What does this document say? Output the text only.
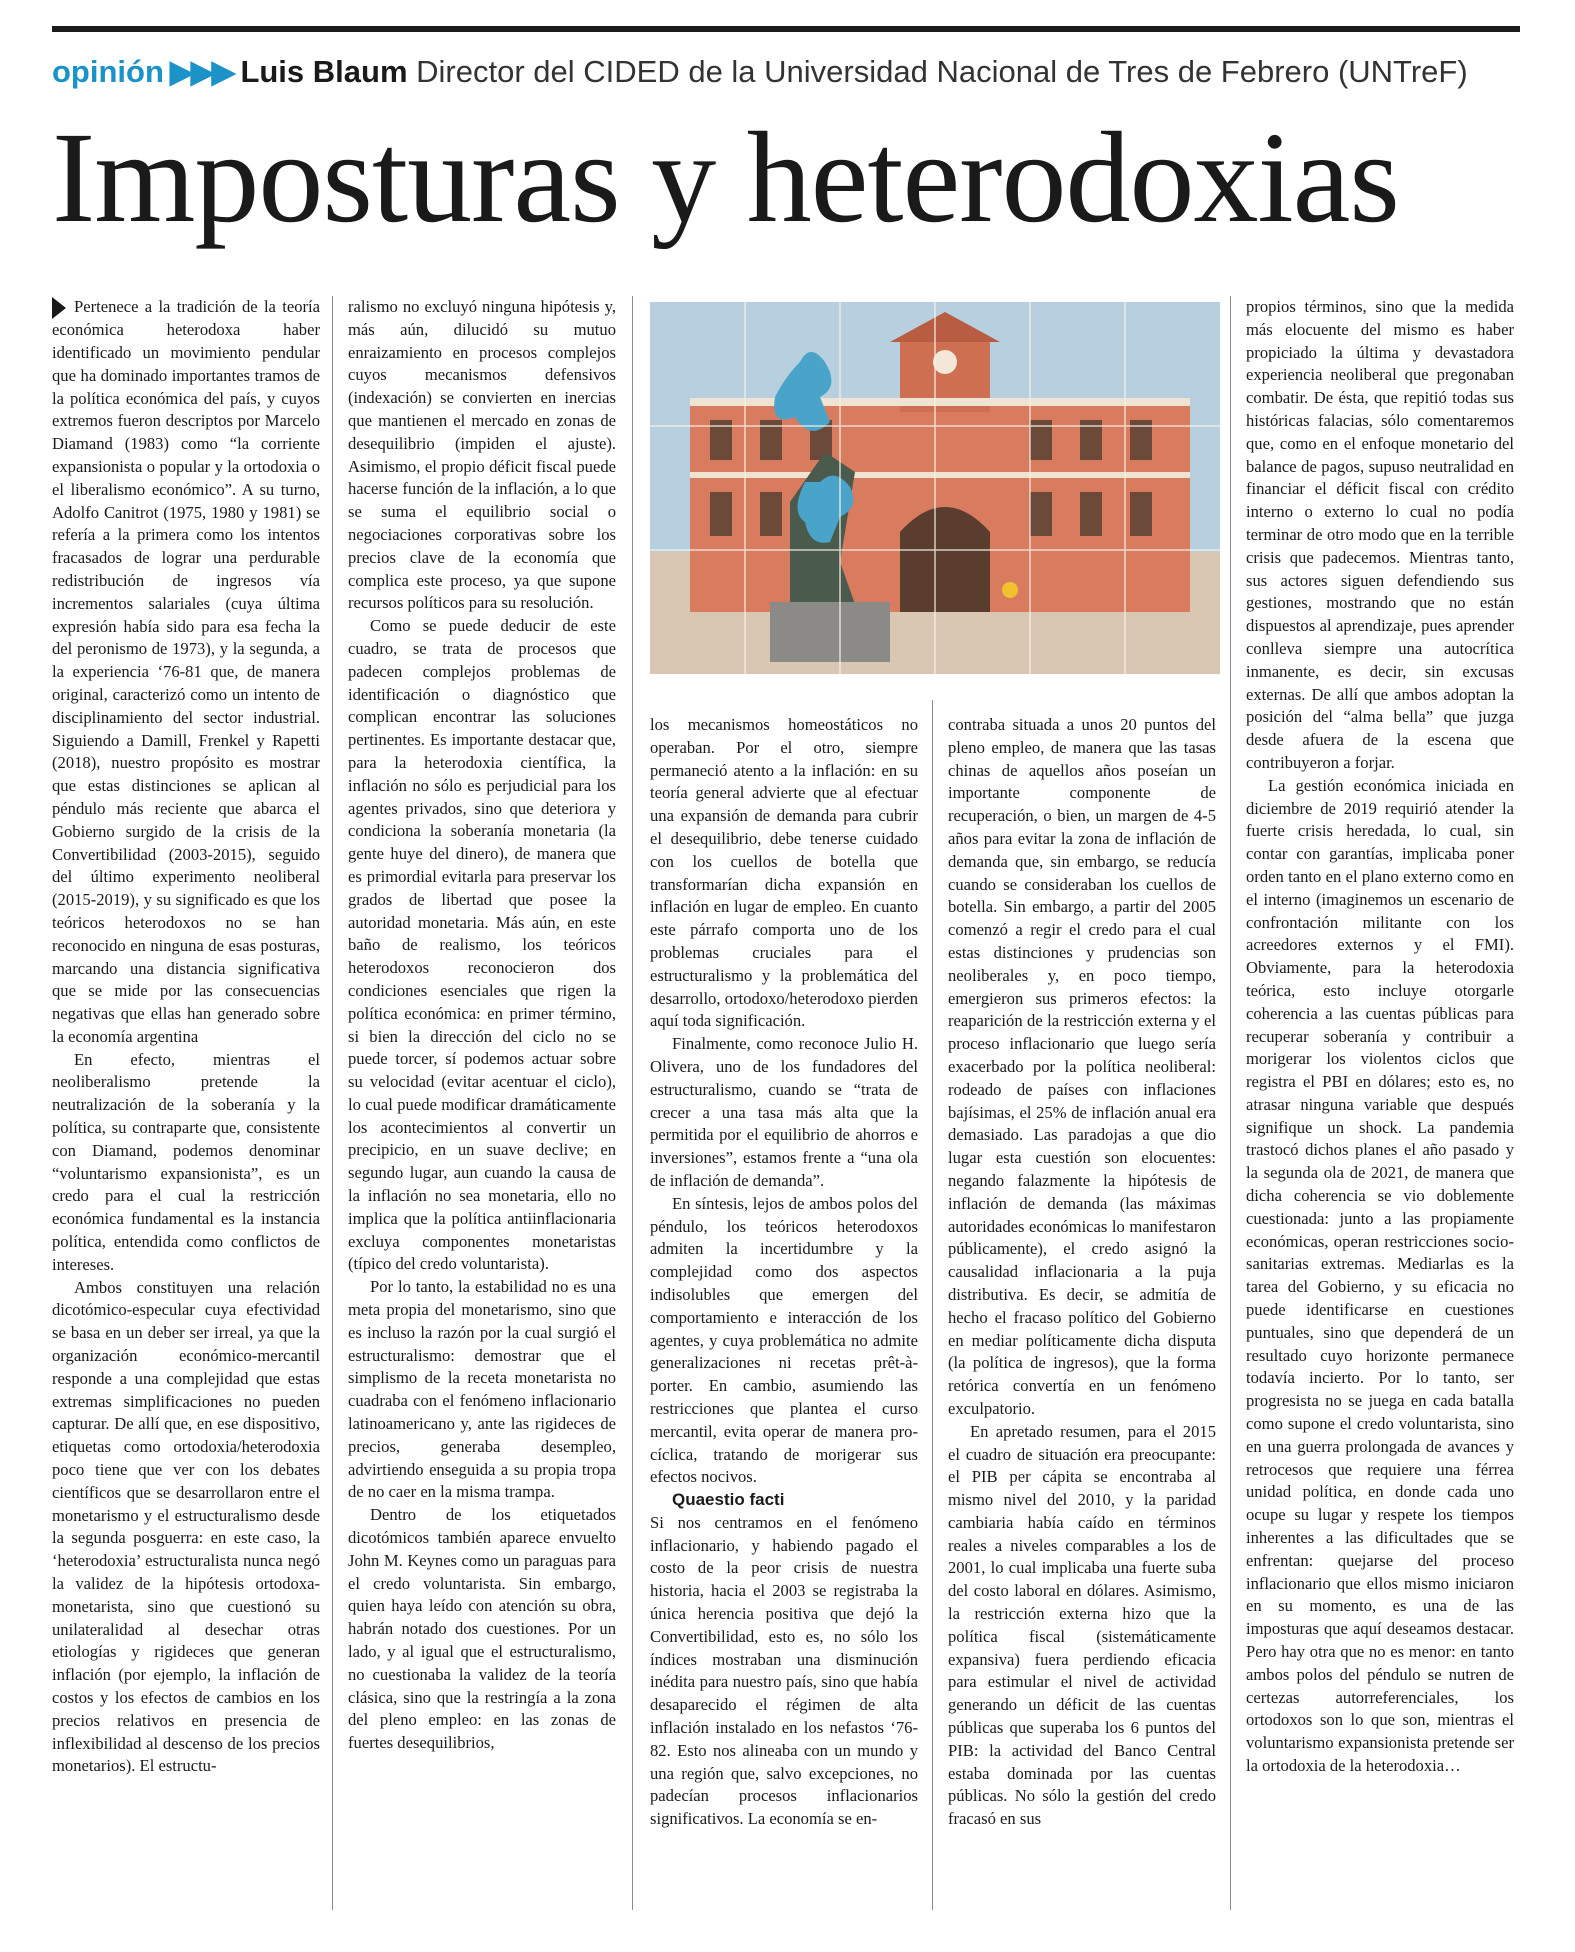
opinión ▶▶▶ Luis Blaum Director del CIDED de la Universidad Nacional de Tres de Febrero (UNTreF)
Imposturas y heterodoxias

Pertenece a la tradición de la teoría económica heterodoxa haber identificado un movimiento pendular que ha dominado importantes tramos de la política económica del país, y cuyos extremos fueron descriptos por Marcelo Diamand (1983) como “la corriente expansionista o popular y la ortodoxia o el liberalismo económico”. A su turno, Adolfo Canitrot (1975, 1980 y 1981) se refería a la primera como los intentos fracasados de lograr una perdurable redistribución de ingresos vía incrementos salariales (cuya última expresión había sido para esa fecha la del peronismo de 1973), y la segunda, a la experiencia ‘76-81 que, de manera original, caracterizó como un intento de disciplinamiento del sector industrial. Siguiendo a Damill, Frenkel y Rapetti (2018), nuestro propósito es mostrar que estas distinciones se aplican al péndulo más reciente que abarca el Gobierno surgido de la crisis de la Convertibilidad (2003-2015), seguido del último experimento neoliberal (2015-2019), y su significado es que los teóricos heterodoxos no se han reconocido en ninguna de esas posturas, marcando una distancia significativa que se mide por las consecuencias negativas que ellas han generado sobre la economía argentina

En efecto, mientras el neoliberalismo pretende la neutralización de la soberanía y la política, su contraparte que, consistente con Diamand, podemos denominar “voluntarismo expansionista”, es un credo para el cual la restricción económica fundamental es la instancia política, entendida como conflictos de intereses.

Ambos constituyen una relación dicotómico-especular cuya efectividad se basa en un deber ser irreal, ya que la organización económico-mercantil responde a una complejidad que estas extremas simplificaciones no pueden capturar. De allí que, en ese dispositivo, etiquetas como ortodoxia/heterodoxia poco tiene que ver con los debates científicos que se desarrollaron entre el monetarismo y el estructuralismo desde la segunda posguerra: en este caso, la ‘heterodoxia’ estructuralista nunca negó la validez de la hipótesis ortodoxa-monetarista, sino que cuestionó su unilateralidad al desechar otras etiologías y rigideces que generan inflación (por ejemplo, la inflación de costos y los efectos de cambios en los precios relativos en presencia de inflexibilidad al descenso de los precios monetarios). El estructu-

ralismo no excluyó ninguna hipótesis y, más aún, dilucidó su mutuo enraizamiento en procesos complejos cuyos mecanismos defensivos (indexación) se convierten en inercias que mantienen el mercado en zonas de desequilibrio (impiden el ajuste). Asimismo, el propio déficit fiscal puede hacerse función de la inflación, a lo que se suma el equilibrio social o negociaciones corporativas sobre los precios clave de la economía que complica este proceso, ya que supone recursos políticos para su resolución.

Como se puede deducir de este cuadro, se trata de procesos que padecen complejos problemas de identificación o diagnóstico que complican encontrar las soluciones pertinentes. Es importante destacar que, para la heterodoxia científica, la inflación no sólo es perjudicial para los agentes privados, sino que deteriora y condiciona la soberanía monetaria (la gente huye del dinero), de manera que es primordial evitarla para preservar los grados de libertad que posee la autoridad monetaria. Más aún, en este baño de realismo, los teóricos heterodoxos reconocieron dos condiciones esenciales que rigen la política económica: en primer término, si bien la dirección del ciclo no se puede torcer, sí podemos actuar sobre su velocidad (evitar acentuar el ciclo), lo cual puede modificar dramáticamente los acontecimientos al convertir un precipicio, en un suave declive; en segundo lugar, aun cuando la causa de la inflación no sea monetaria, ello no implica que la política antiinflacionaria excluya componentes monetaristas (típico del credo voluntarista).

Por lo tanto, la estabilidad no es una meta propia del monetarismo, sino que es incluso la razón por la cual surgió el estructuralismo: demostrar que el simplismo de la receta monetarista no cuadraba con el fenómeno inflacionario latinoamericano y, ante las rigideces de precios, generaba desempleo, advirtiendo enseguida a su propia tropa de no caer en la misma trampa.

Dentro de los etiquetados dicotómicos también aparece envuelto John M. Keynes como un paraguas para el credo voluntarista. Sin embargo, quien haya leído con atención su obra, habrán notado dos cuestiones. Por un lado, y al igual que el estructuralismo, no cuestionaba la validez de la teoría clásica, sino que la restringía a la zona del pleno empleo: en las zonas de fuertes desequilibrios,

los mecanismos homeostáticos no operaban. Por el otro, siempre permaneció atento a la inflación: en su teoría general advierte que al efectuar una expansión de demanda para cubrir el desequilibrio, debe tenerse cuidado con los cuellos de botella que transformarían dicha expansión en inflación en lugar de empleo. En cuanto este párrafo comporta uno de los problemas cruciales para el estructuralismo y la problemática del desarrollo, ortodoxo/heterodoxo pierden aquí toda significación.

Finalmente, como reconoce Julio H. Olivera, uno de los fundadores del estructuralismo, cuando se “trata de crecer a una tasa más alta que la permitida por el equilibrio de ahorros e inversiones”, estamos frente a “una ola de inflación de demanda”.

En síntesis, lejos de ambos polos del péndulo, los teóricos heterodoxos admiten la incertidumbre y la complejidad como dos aspectos indisolubles que emergen del comportamiento e interacción de los agentes, y cuya problemática no admite generalizaciones ni recetas prêt-à-porter. En cambio, asumiendo las restricciones que plantea el curso mercantil, evita operar de manera pro-cíclica, tratando de morigerar sus efectos nocivos.

Quaestio facti

Si nos centramos en el fenómeno inflacionario, y habiendo pagado el costo de la peor crisis de nuestra historia, hacia el 2003 se registraba la única herencia positiva que dejó la Convertibilidad, esto es, no sólo los índices mostraban una disminución inédita para nuestro país, sino que había desaparecido el régimen de alta inflación instalado en los nefastos ‘76-82. Esto nos alineaba con un mundo y una región que, salvo excepciones, no padecían procesos inflacionarios significativos. La economía se en-

contraba situada a unos 20 puntos del pleno empleo, de manera que las tasas chinas de aquellos años poseían un importante componente de recuperación, o bien, un margen de 4-5 años para evitar la zona de inflación de demanda que, sin embargo, se reducía cuando se consideraban los cuellos de botella. Sin embargo, a partir del 2005 comenzó a regir el credo para el cual estas distinciones y prudencias son neoliberales y, en poco tiempo, emergieron sus primeros efectos: la reaparición de la restricción externa y el proceso inflacionario que luego sería exacerbado por la política neoliberal: rodeado de países con inflaciones bajísimas, el 25% de inflación anual era demasiado. Las paradojas a que dio lugar esta cuestión son elocuentes: negando falazmente la hipótesis de inflación de demanda (las máximas autoridades económicas lo manifestaron públicamente), el credo asignó la causalidad inflacionaria a la puja distributiva. Es decir, se admitía de hecho el fracaso político del Gobierno en mediar políticamente dicha disputa (la política de ingresos), que la forma retórica convertía en un fenómeno exculpatorio.

En apretado resumen, para el 2015 el cuadro de situación era preocupante: el PIB per cápita se encontraba al mismo nivel del 2010, y la paridad cambiaria había caído en términos reales a niveles comparables a los de 2001, lo cual implicaba una fuerte suba del costo laboral en dólares. Asimismo, la restricción externa hizo que la política fiscal (sistemáticamente expansiva) fuera perdiendo eficacia para estimular el nivel de actividad generando un déficit de las cuentas públicas que superaba los 6 puntos del PIB: la actividad del Banco Central estaba dominada por las cuentas públicas. No sólo la gestión del credo fracasó en sus

propios términos, sino que la medida más elocuente del mismo es haber propiciado la última y devastadora experiencia neoliberal que pregonaban combatir. De ésta, que repitió todas sus históricas falacias, sólo comentaremos que, como en el enfoque monetario del balance de pagos, supuso neutralidad en financiar el déficit fiscal con crédito interno o externo lo cual no podía terminar de otro modo que en la terrible crisis que padecemos. Mientras tanto, sus actores siguen defendiendo sus gestiones, mostrando que no están dispuestos al aprendizaje, pues aprender conlleva siempre una autocrítica inmanente, es decir, sin excusas externas. De allí que ambos adoptan la posición del “alma bella” que juzga desde afuera de la escena que contribuyeron a forjar.

La gestión económica iniciada en diciembre de 2019 requirió atender la fuerte crisis heredada, lo cual, sin contar con garantías, implicaba poner orden tanto en el plano externo como en el interno (imaginemos un escenario de confrontación militante con los acreedores externos y el FMI). Obviamente, para la heterodoxia teórica, esto incluye otorgarle coherencia a las cuentas públicas para recuperar soberanía y contribuir a morigerar los violentos ciclos que registra el PBI en dólares; esto es, no atrasar ninguna variable que después signifique un shock. La pandemia trastocó dichos planes el año pasado y la segunda ola de 2021, de manera que dicha coherencia se vio doblemente cuestionada: junto a las propiamente económicas, operan restricciones socio-sanitarias extremas. Mediarlas es la tarea del Gobierno, y su eficacia no puede identificarse en cuestiones puntuales, sino que dependerá de un resultado cuyo horizonte permanece todavía incierto. Por lo tanto, ser progresista no se juega en cada batalla como supone el credo voluntarista, sino en una guerra prolongada de avances y retrocesos que requiere una férrea unidad política, en donde cada uno ocupe su lugar y respete los tiempos inherentes a las dificultades que se enfrentan: quejarse del proceso inflacionario que ellos mismo iniciaron en su momento, es una de las imposturas que aquí deseamos destacar. Pero hay otra que no es menor: en tanto ambos polos del péndulo se nutren de certezas autorreferenciales, los ortodoxos son lo que son, mientras el voluntarismo expansionista pretende ser la ortodoxia de la heterodoxia…
